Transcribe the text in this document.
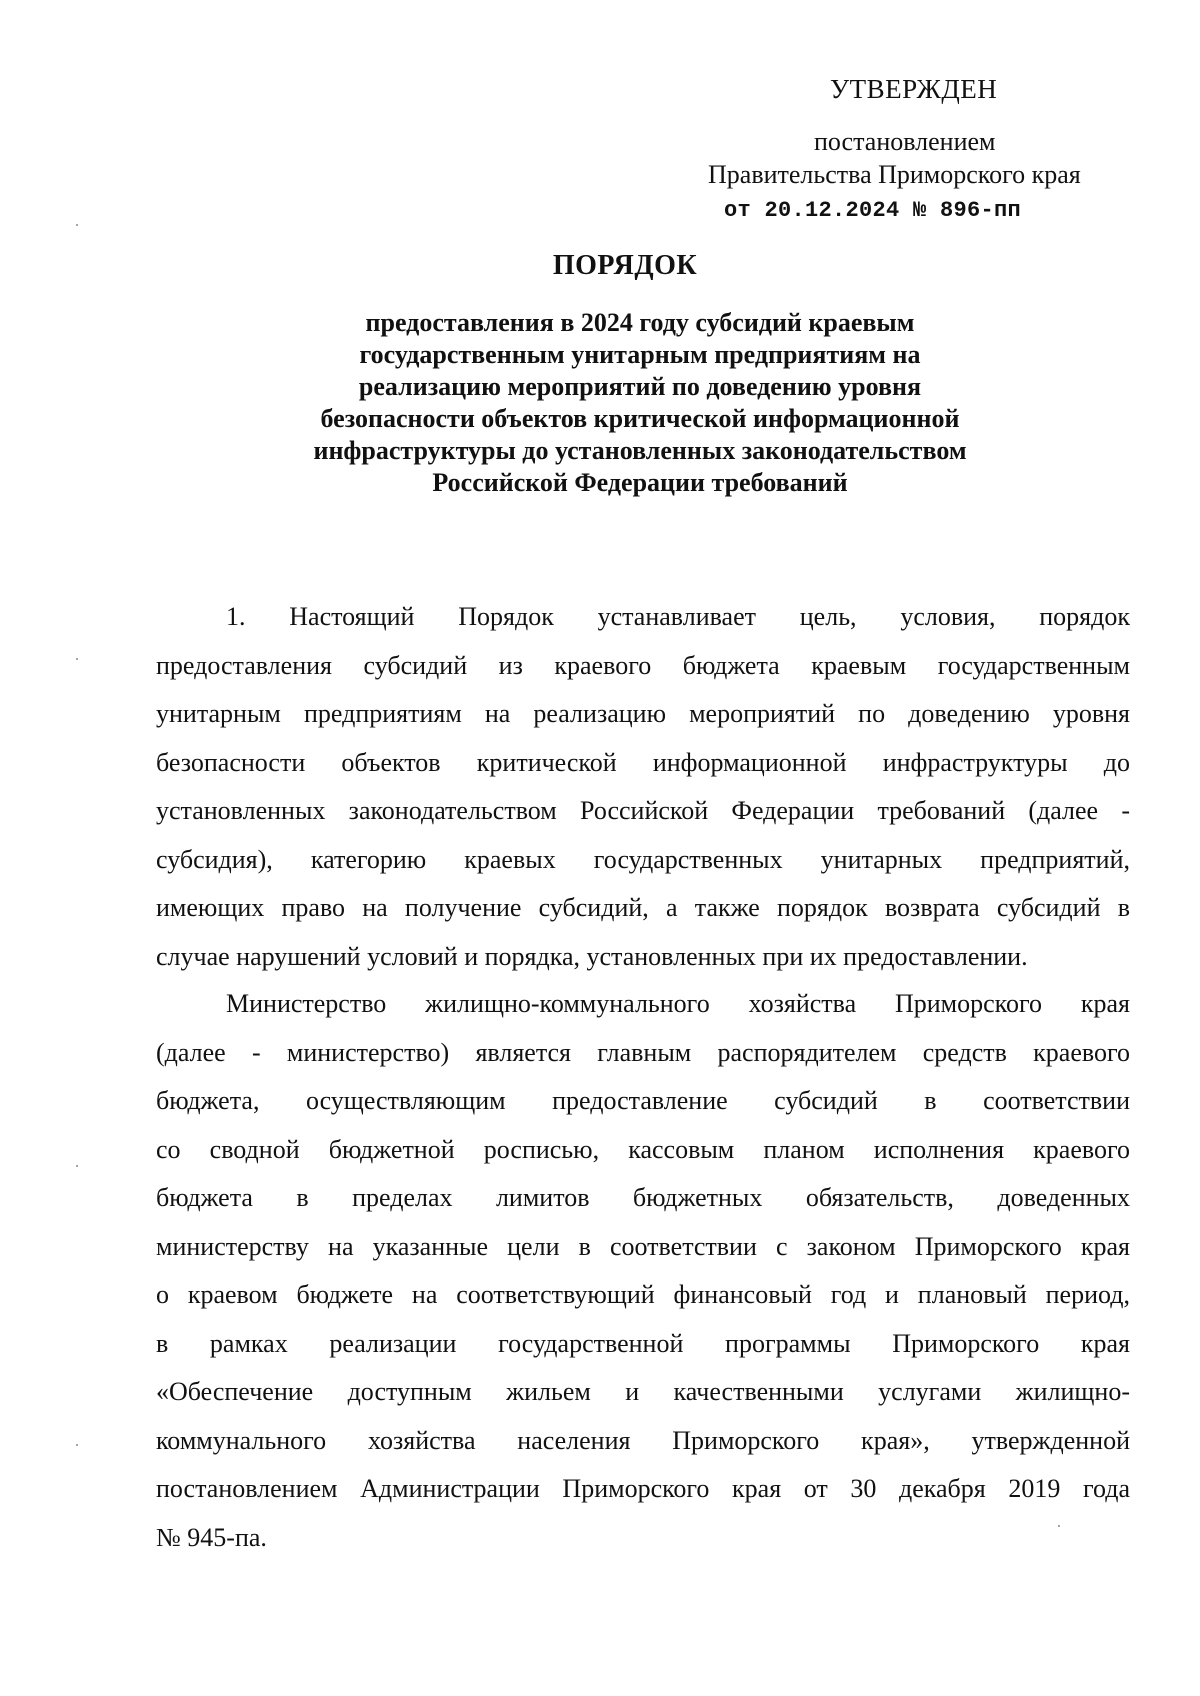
УТВЕРЖДЕН
постановлением
Правительства Приморского края
от 20.12.2024 № 896-пп
ПОРЯДОК
предоставления в 2024 году субсидий краевым
государственным унитарным предприятиям на
реализацию мероприятий по доведению уровня
безопасности объектов критической информационной
инфраструктуры до установленных законодательством
Российской Федерации требований
1. Настоящий Порядок устанавливает цель, условия, порядок
предоставления субсидий из краевого бюджета краевым государственным
унитарным предприятиям на реализацию мероприятий по доведению уровня
безопасности объектов критической информационной инфраструктуры до
установленных законодательством Российской Федерации требований (далее -
субсидия), категорию краевых государственных унитарных предприятий,
имеющих право на получение субсидий, а также порядок возврата субсидий в
случае нарушений условий и порядка, установленных при их предоставлении.
Министерство жилищно-коммунального хозяйства Приморского края
(далее - министерство) является главным распорядителем средств краевого
бюджета, осуществляющим предоставление субсидий в соответствии
со сводной бюджетной росписью, кассовым планом исполнения краевого
бюджета в пределах лимитов бюджетных обязательств, доведенных
министерству на указанные цели в соответствии с законом Приморского края
о краевом бюджете на соответствующий финансовый год и плановый период,
в рамках реализации государственной программы Приморского края
«Обеспечение доступным жильем и качественными услугами жилищно-
коммунального хозяйства населения Приморского края», утвержденной
постановлением Администрации Приморского края от 30 декабря 2019 года
№ 945-па.
